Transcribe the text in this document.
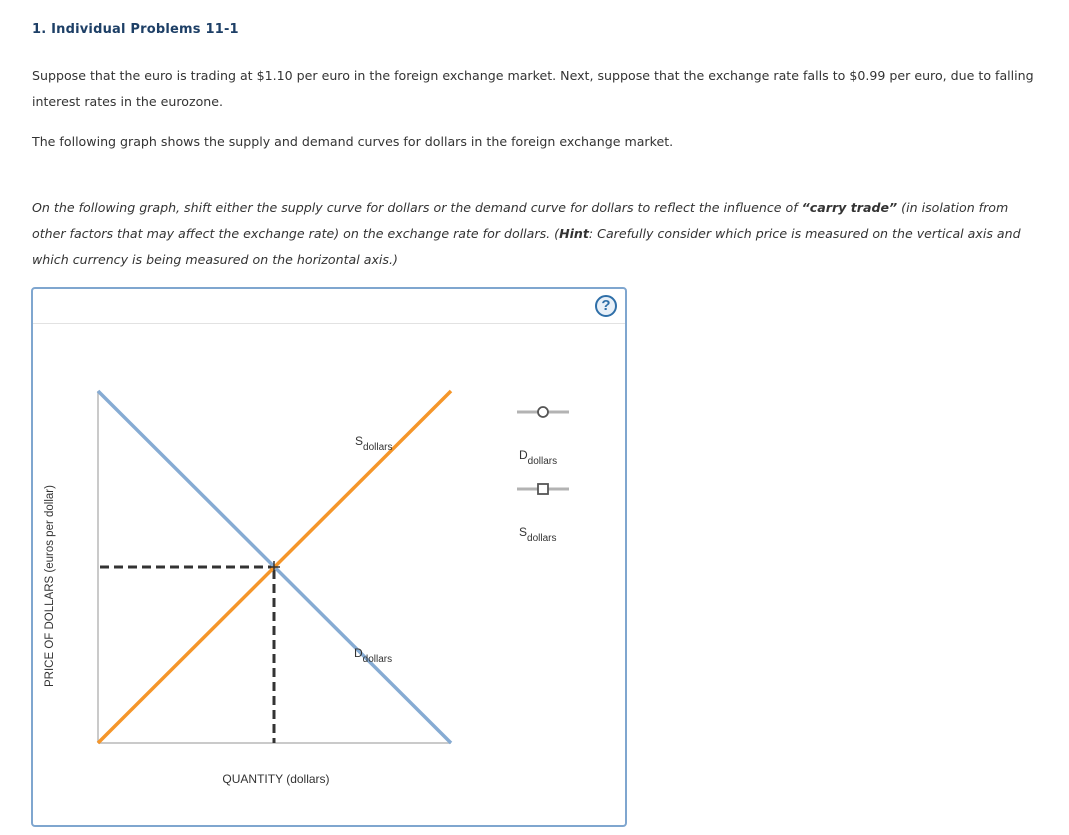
1. Individual Problems 11-1
Suppose that the euro is trading at $1.10 per euro in the foreign exchange market. Next, suppose that the exchange rate falls to $0.99 per euro, due to falling interest rates in the eurozone.
The following graph shows the supply and demand curves for dollars in the foreign exchange market.
On the following graph, shift either the supply curve for dollars or the demand curve for dollars to reflect the influence of “carry trade” (in isolation from other factors that may affect the exchange rate) on the exchange rate for dollars. (Hint: Carefully consider which price is measured on the vertical axis and which currency is being measured on the horizontal axis.)
?
$S_{dollars}$
$D_{dollars}$
PRICE OF DOLLARS (euros per dollar)
QUANTITY (dollars)
$D_{dollars}$
$S_{dollars}$
